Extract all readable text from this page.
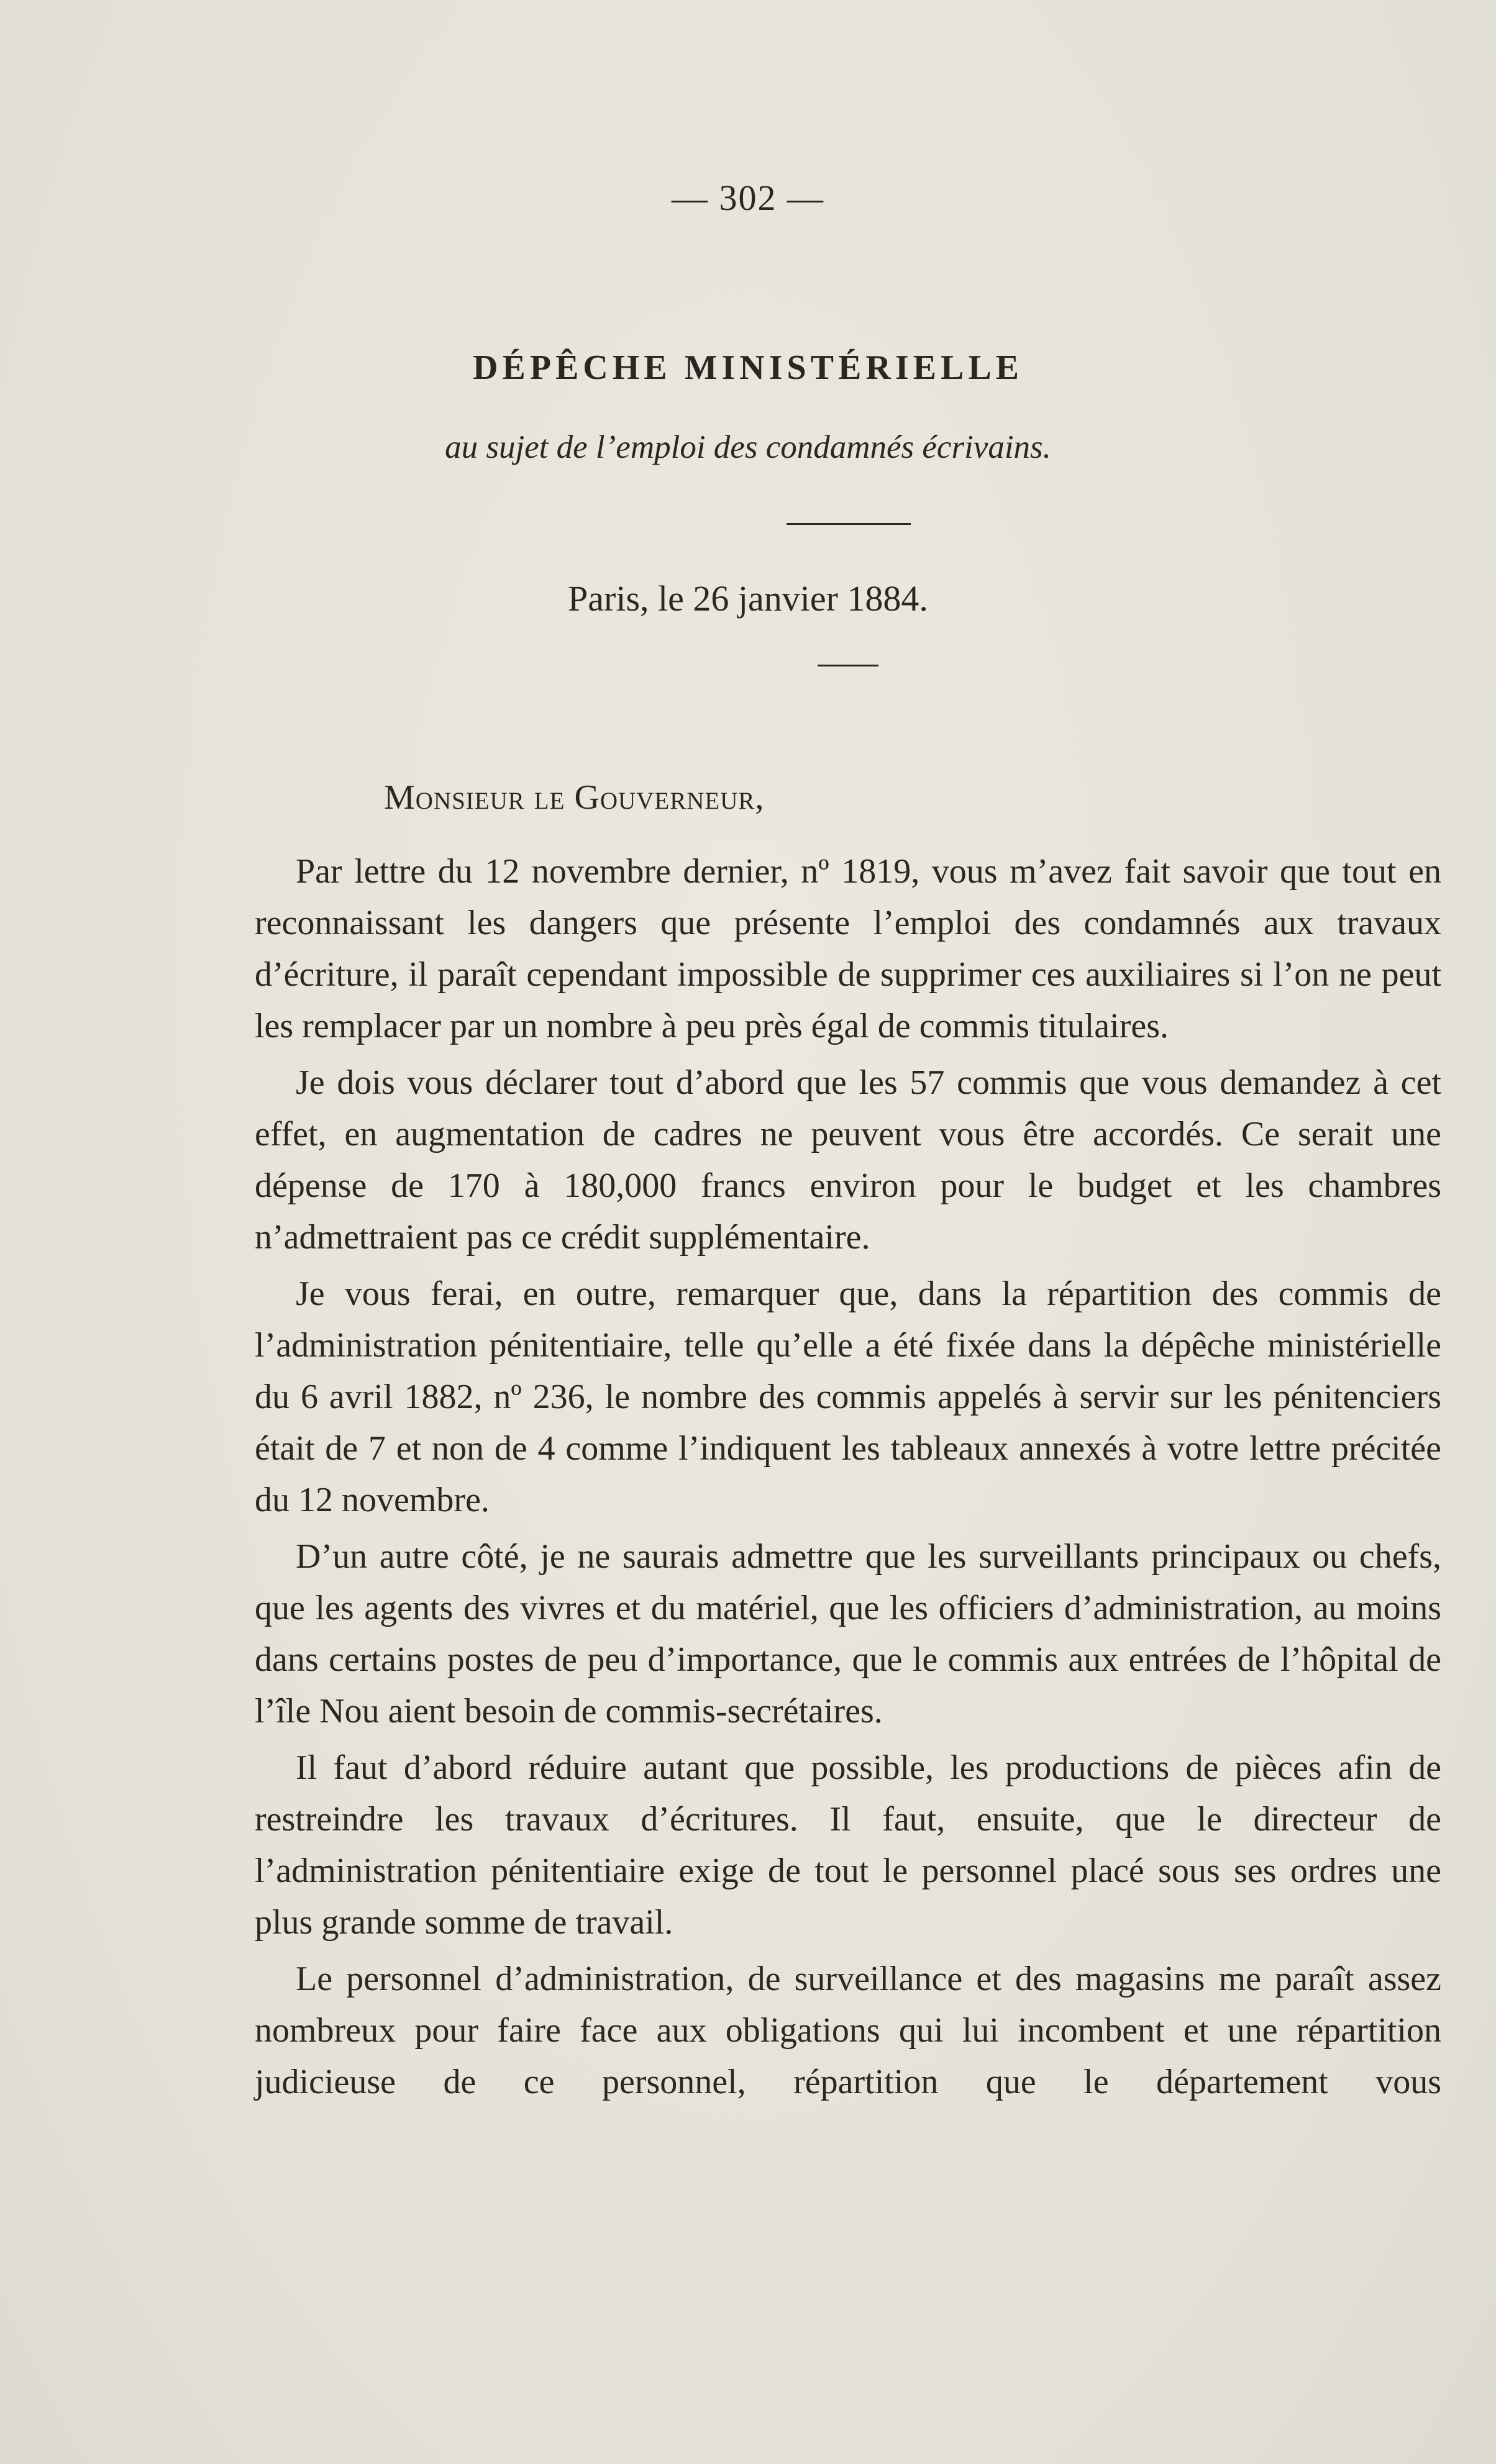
— 302 —
DÉPÊCHE MINISTÉRIELLE
au sujet de l’emploi des condamnés écrivains.
Paris, le 26 janvier 1884.
Monsieur le Gouverneur,

Par lettre du 12 novembre dernier, nº 1819, vous m’avez fait savoir que tout en reconnaissant les dangers que présente l’emploi des condamnés aux travaux d’écriture, il paraît cependant impossible de supprimer ces auxiliaires si l’on ne peut les remplacer par un nombre à peu près égal de commis titulaires.

Je dois vous déclarer tout d’abord que les 57 commis que vous demandez à cet effet, en augmentation de cadres ne peuvent vous être accordés. Ce serait une dépense de 170 à 180,000 francs environ pour le budget et les chambres n’admettraient pas ce crédit supplémentaire.

Je vous ferai, en outre, remarquer que, dans la répartition des commis de l’administration pénitentiaire, telle qu’elle a été fixée dans la dépêche ministérielle du 6 avril 1882, nº 236, le nombre des commis appelés à servir sur les pénitenciers était de 7 et non de 4 comme l’indiquent les tableaux annexés à votre lettre précitée du 12 novembre.

D’un autre côté, je ne saurais admettre que les surveillants principaux ou chefs, que les agents des vivres et du matériel, que les officiers d’administration, au moins dans certains postes de peu d’importance, que le commis aux entrées de l’hôpital de l’île Nou aient besoin de commis-secrétaires.

Il faut d’abord réduire autant que possible, les productions de pièces afin de restreindre les travaux d’écritures. Il faut, ensuite, que le directeur de l’administration pénitentiaire exige de tout le personnel placé sous ses ordres une plus grande somme de travail.

Le personnel d’administration, de surveillance et des magasins me paraît assez nombreux pour faire face aux obligations qui lui incombent et une répartition judicieuse de ce personnel, répartition que le département vous
